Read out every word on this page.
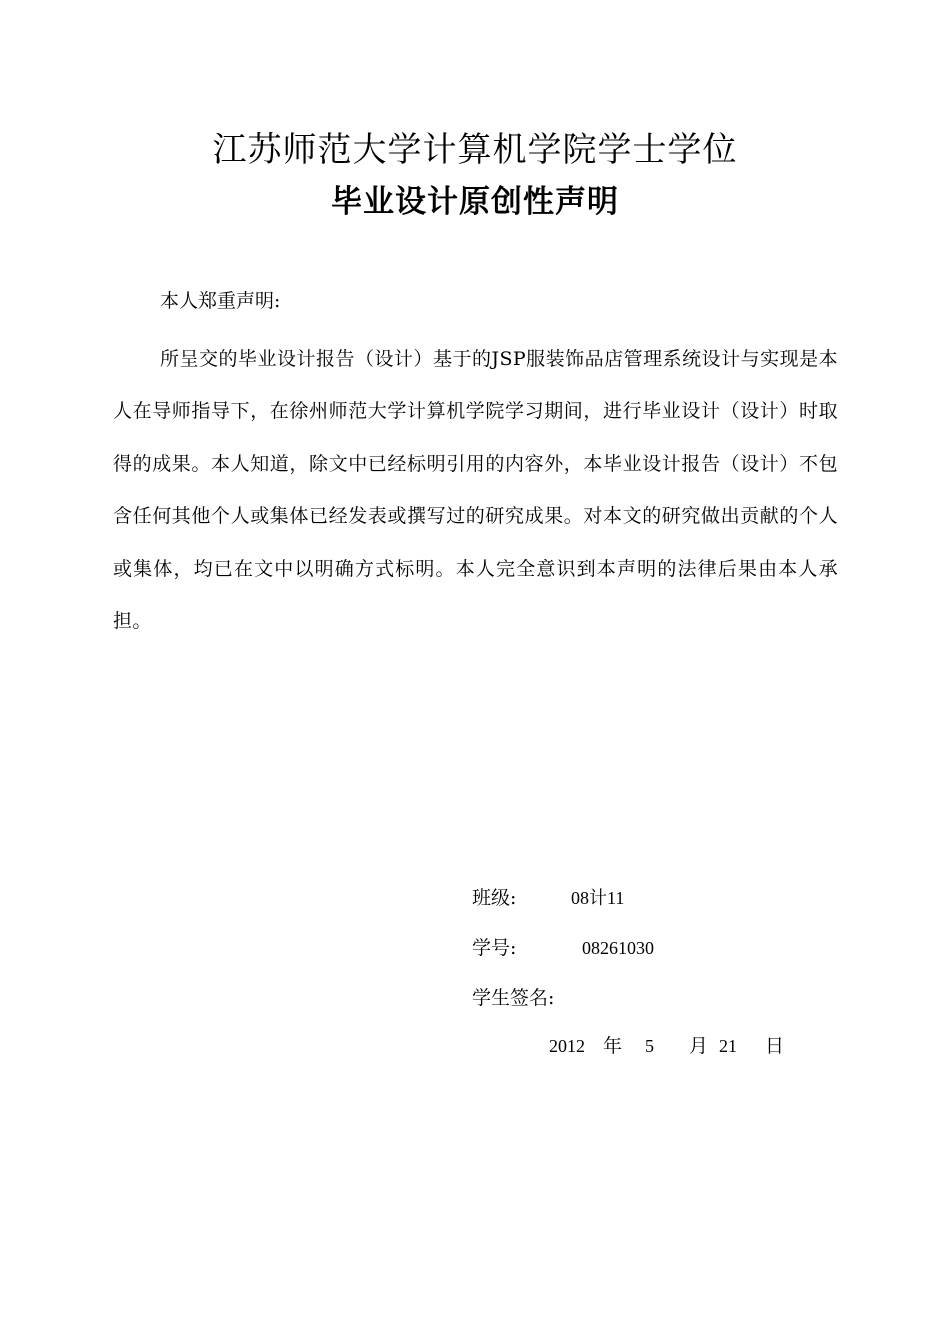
江苏师范大学计算机学院学士学位
毕业设计原创性声明
本人郑重声明:
所呈交的毕业设计报告（设计）基于的JSP服装饰品店管理系统设计与实现是本人在导师指导下，在徐州师范大学计算机学院学习期间，进行毕业设计（设计）时取得的成果。本人知道，除文中已经标明引用的内容外，本毕业设计报告（设计）不包含任何其他个人或集体已经发表或撰写过的研究成果。对本文的研究做出贡献的个人或集体，均已在文中以明确方式标明。本人完全意识到本声明的法律后果由本人承担。
班级:	08计11
学号:	08261030
学生签名:
2012 年 5 月 21 日
